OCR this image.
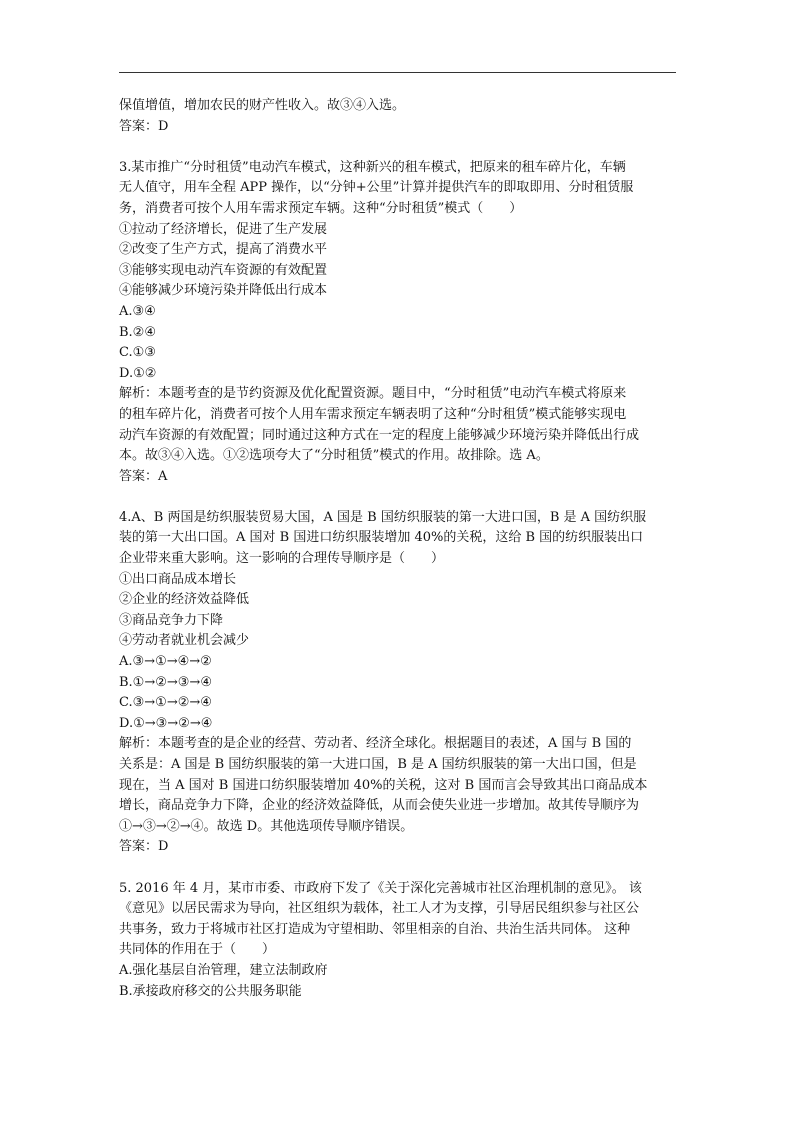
保值增值，增加农民的财产性收入。故③④入选。
答案：D
3.某市推广“分时租赁”电动汽车模式，这种新兴的租车模式，把原来的租车碎片化，车辆
无人值守，用车全程 APP 操作，以“分钟+公里”计算并提供汽车的即取即用、分时租赁服
务，消费者可按个人用车需求预定车辆。这种“分时租赁”模式（　　）
①拉动了经济增长，促进了生产发展
②改变了生产方式，提高了消费水平
③能够实现电动汽车资源的有效配置
④能够减少环境污染并降低出行成本
A.③④
B.②④
C.①③
D.①②
解析：本题考查的是节约资源及优化配置资源。题目中，“分时租赁”电动汽车模式将原来
的租车碎片化，消费者可按个人用车需求预定车辆表明了这种“分时租赁”模式能够实现电
动汽车资源的有效配置；同时通过这种方式在一定的程度上能够减少环境污染并降低出行成
本。故③④入选。①②选项夸大了“分时租赁”模式的作用。故排除。选 A。
答案：A
4.A、B 两国是纺织服装贸易大国，A 国是 B 国纺织服装的第一大进口国，B 是 A 国纺织服
装的第一大出口国。A 国对 B 国进口纺织服装增加 40%的关税，这给 B 国的纺织服装出口
企业带来重大影响。这一影响的合理传导顺序是（　　）
①出口商品成本增长
②企业的经济效益降低
③商品竞争力下降
④劳动者就业机会减少
A.③→①→④→②
B.①→②→③→④
C.③→①→②→④
D.①→③→②→④
解析：本题考查的是企业的经营、劳动者、经济全球化。根据题目的表述，A 国与 B 国的
关系是：A 国是 B 国纺织服装的第一大进口国，B 是 A 国纺织服装的第一大出口国，但是
现在，当 A 国对 B 国进口纺织服装增加 40%的关税，这对 B 国而言会导致其出口商品成本
增长，商品竞争力下降，企业的经济效益降低，从而会使失业进一步增加。故其传导顺序为
①→③→②→④。故选 D。其他选项传导顺序错误。
答案：D
5. 2016 年 4 月，某市市委、市政府下发了《关于深化完善城市社区治理机制的意见》。 该
《意见》以居民需求为导向，社区组织为载体，社工人才为支撑，引导居民组织参与社区公
共事务，致力于将城市社区打造成为守望相助、邻里相亲的自治、共治生活共同体。 这种
共同体的作用在于（　　）
A.强化基层自治管理，建立法制政府
B.承接政府移交的公共服务职能
